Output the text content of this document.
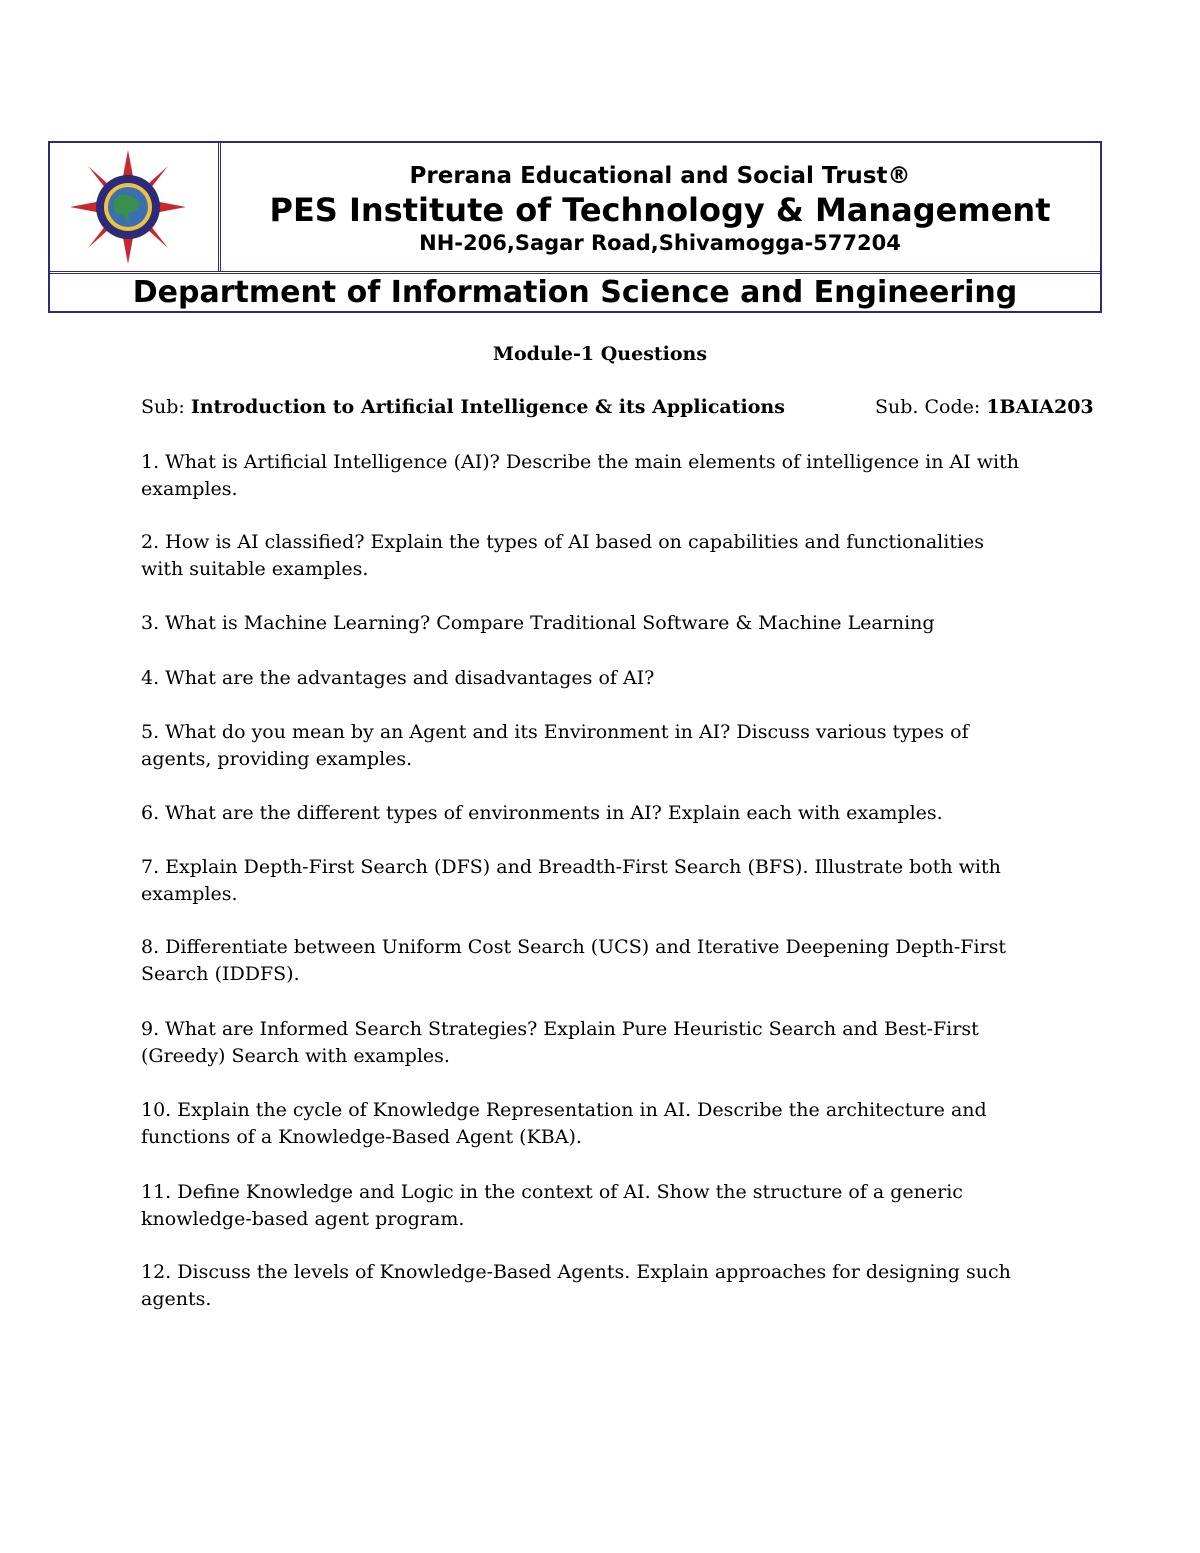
Prerana Educational and Social Trust®

PES Institute of Technology & Management

NH-206,Sagar Road,Shivamogga-577204

Department of Information Science and Engineering

Module-1 Questions

Sub: Introduction to Artificial Intelligence & its Applications	Sub. Code: 1BAIA203
1. What is Artificial Intelligence (AI)? Describe the main elements of intelligence in AI with examples.
2. How is AI classified? Explain the types of AI based on capabilities and functionalities with suitable examples.
3. What is Machine Learning? Compare Traditional Software & Machine Learning
4. What are the advantages and disadvantages of AI?
5. What do you mean by an Agent and its Environment in AI? Discuss various types of agents, providing examples.
6. What are the different types of environments in AI? Explain each with examples.
7. Explain Depth-First Search (DFS) and Breadth-First Search (BFS). Illustrate both with examples.
8. Differentiate between Uniform Cost Search (UCS) and Iterative Deepening Depth-First Search (IDDFS).
9. What are Informed Search Strategies? Explain Pure Heuristic Search and Best-First (Greedy) Search with examples.
10. Explain the cycle of Knowledge Representation in AI. Describe the architecture and functions of a Knowledge-Based Agent (KBA).
11. Define Knowledge and Logic in the context of AI. Show the structure of a generic knowledge-based agent program.
12. Discuss the levels of Knowledge-Based Agents. Explain approaches for designing such agents.
